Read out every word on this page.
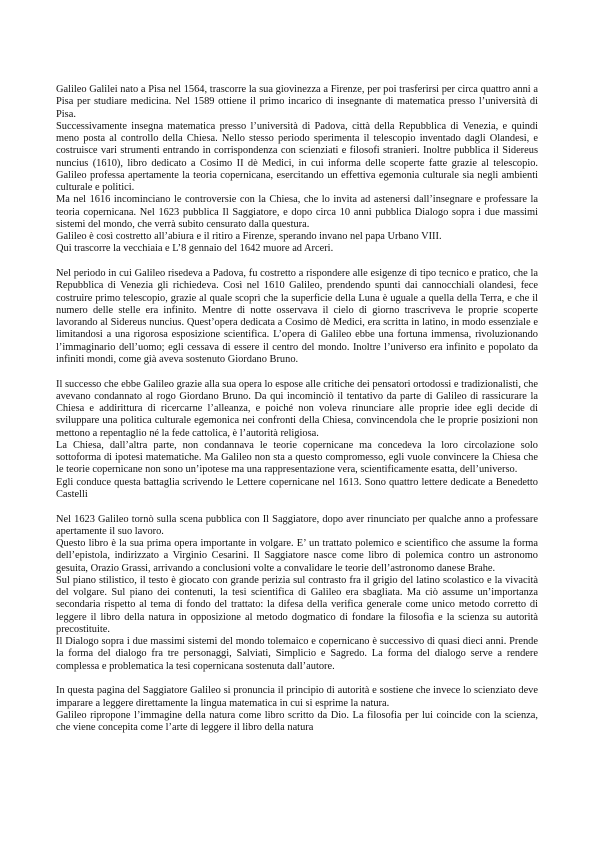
Galileo Galilei nato a Pisa nel 1564, trascorre la sua giovinezza a Firenze, per poi trasferirsi per circa quattro anni a Pisa per studiare medicina. Nel 1589 ottiene il primo incarico di insegnante di matematica presso l’università di Pisa.

Successivamente insegna matematica presso l’università di Padova, città della Repubblica di Venezia, e quindi meno posta al controllo della Chiesa. Nello stesso periodo sperimenta il telescopio inventado dagli Olandesi, e costruisce vari strumenti entrando in corrispondenza con scienziati e filosofi stranieri. Inoltre pubblica il Sidereus nuncius (1610), libro dedicato a Cosimo II dè Medici, in cui informa delle scoperte fatte grazie al telescopio. Galileo professa apertamente la teoria copernicana, esercitando un effettiva egemonia culturale sia negli ambienti culturale e politici.

Ma nel 1616 incominciano le controversie con la Chiesa, che lo invita ad astenersi dall’insegnare e professare la teoria copernicana. Nel 1623 pubblica Il Saggiatore, e dopo circa 10 anni pubblica Dialogo sopra i due massimi sistemi del mondo, che verrà subito censurato dalla questura.

Galileo è così costretto all’abiura e il ritiro a Firenze, sperando invano nel papa Urbano VIII.

Qui trascorre la vecchiaia e L’8 gennaio del 1642 muore ad Arceri.

Nel periodo in cui Galileo risedeva a Padova, fu costretto a rispondere alle esigenze di tipo tecnico e pratico, che la Repubblica di Venezia gli richiedeva. Così nel 1610 Galileo, prendendo spunti dai cannocchiali olandesi, fece costruire primo telescopio, grazie al quale scoprì che la superficie della Luna è uguale a quella della Terra, e che il numero delle stelle era infinito. Mentre di notte osservava il cielo di giorno trascriveva le proprie scoperte lavorando al Sidereus nuncius. Quest’opera dedicata a Cosimo dè Medici, era scritta in latino, in modo essenziale e limitandosi a una rigorosa esposizione scientifica. L’opera di Galileo ebbe una fortuna immensa, rivoluzionando l’immaginario dell’uomo; egli cessava di essere il centro del mondo. Inoltre l’universo era infinito e popolato da infiniti mondi, come già aveva sostenuto Giordano Bruno.

Il successo che ebbe Galileo grazie alla sua opera lo espose alle critiche dei pensatori ortodossi e tradizionalisti, che avevano condannato al rogo Giordano Bruno. Da qui incominciò il tentativo da parte di Galileo di rassicurare la Chiesa e addirittura di ricercarne l’alleanza, e poiché non voleva rinunciare alle proprie idee egli decide di sviluppare una politica culturale egemonica nei confronti della Chiesa, convincendola che le proprie posizioni non mettono a repentaglio né la fede cattolica, è l’autorità religiosa.

La Chiesa, dall’altra parte, non condannava le teorie copernicane ma concedeva la loro circolazione solo sottoforma di ipotesi matematiche. Ma Galileo non sta a questo compromesso, egli vuole convincere la Chiesa che le teorie copernicane non sono un’ipotese ma una rappresentazione vera, scientificamente esatta, dell’universo.

Egli conduce questa battaglia scrivendo le Lettere copernicane nel 1613. Sono quattro lettere dedicate a Benedetto Castelli

Nel 1623 Galileo tornò sulla scena pubblica con Il Saggiatore, dopo aver rinunciato per qualche anno a professare apertamente il suo lavoro.

Questo libro è la sua prima opera importante in volgare. E’ un trattato polemico e scientifico che assume la forma dell’epistola, indirizzato a Virginio Cesarini. Il Saggiatore nasce come libro di polemica contro un astronomo gesuita, Orazio Grassi, arrivando a conclusioni volte a convalidare le teorie dell’astronomo danese Brahe.

Sul piano stilistico, il testo è giocato con grande perizia sul contrasto fra il grigio del latino scolastico e la vivacità del volgare. Sul piano dei contenuti, la tesi scientifica di Galileo era sbagliata. Ma ciò assume un’importanza secondaria rispetto al tema di fondo del trattato: la difesa della verifica generale come unico metodo corretto di leggere il libro della natura in opposizione al metodo dogmatico di fondare la filosofia e la scienza su autorità precostituite.

Il Dialogo sopra i due massimi sistemi del mondo tolemaico e copernicano è successivo di quasi dieci anni. Prende la forma del dialogo fra tre personaggi, Salviati, Simplicio e Sagredo. La forma del dialogo serve a rendere complessa e problematica la tesi copernicana sostenuta dall’autore.

In questa pagina del Saggiatore Galileo si pronuncia il principio di autorità e sostiene che invece lo scienziato deve imparare a leggere direttamente la lingua matematica in cui si esprime la natura.

Galileo ripropone l’immagine della natura come libro scritto da Dio. La filosofia per lui coincide con la scienza, che viene concepita come l’arte di leggere il libro della natura
